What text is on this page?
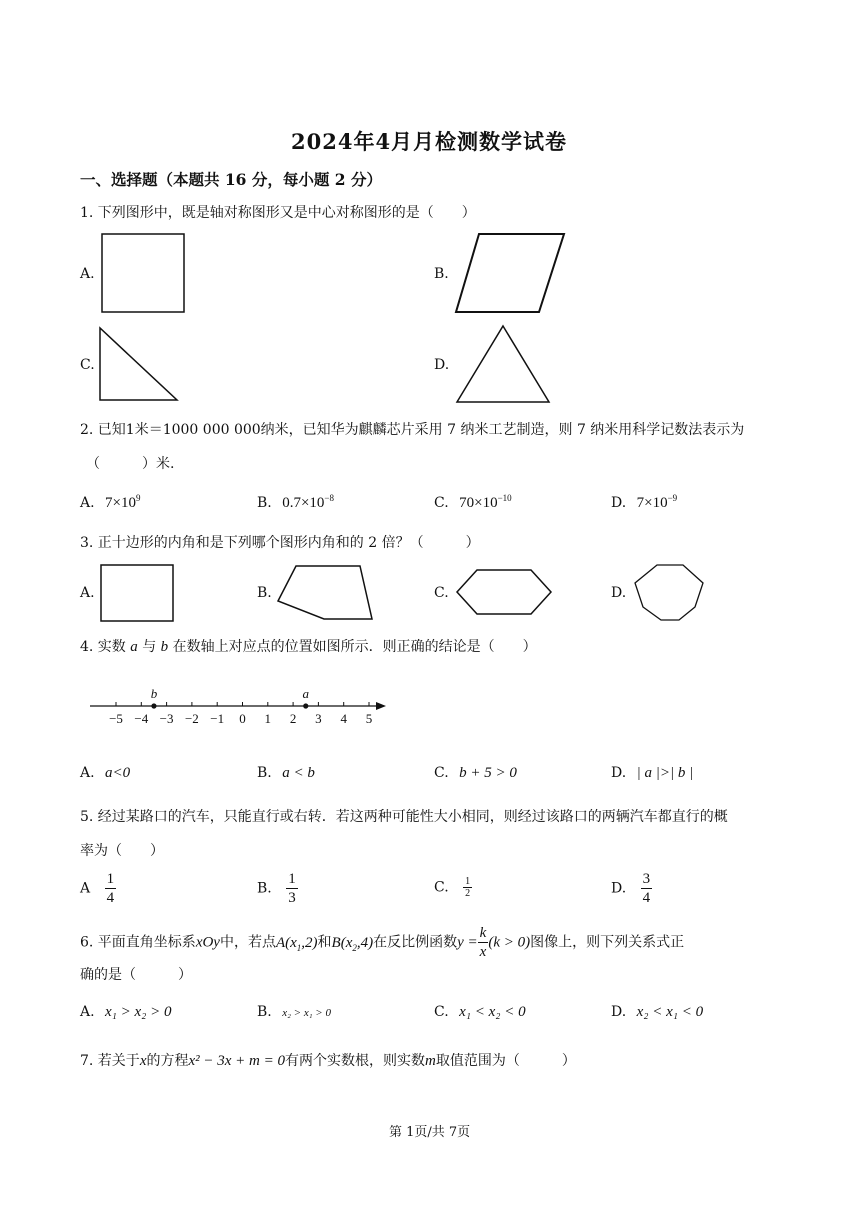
2024年4月月检测数学试卷
一、选择题（本题共 16 分，每小题 2 分）
1. 下列图形中，既是轴对称图形又是中心对称图形的是（　　）
A.	B.
C.	D.
2. 已知1米＝1000 000 000纳米，已知华为麒麟芯片采用 7 纳米工艺制造，则 7 纳米用科学记数法表示为
（　　　）米.
A. $7\times 10^9$	B. $0.7\times 10^{-8}$	C. $70\times 10^{-10}$	D. $7\times 10^{-9}$
3. 正十边形的内角和是下列哪个图形内角和的 2 倍？（　　　）
A.	B.	C.	D.
4. 实数 a 与 b 在数轴上对应点的位置如图所示．则正确的结论是（　　）
−5 −4 −3 −2 −1 0 1 2 3 4 5
b	a
A. a<0	B. a < b	C. b + 5 > 0	D. | a |>| b |
5. 经过某路口的汽车，只能直行或右转．若这两种可能性大小相同，则经过该路口的两辆汽车都直行的概
率为（　　）
A $\frac{1}{4}$	B. $\frac{1}{3}$	C. $\frac{1}{2}$	D. $\frac{3}{4}$
6. 平面直角坐标系xOy中，若点$A(x_1,2)$和$B(x_2,4)$在反比例函数$y = \frac{k}{x} (k > 0)$图像上，则下列关系式正
确的是（　　　）
A. x₁ > x₂ > 0	B. x₂ > x₁ > 0	C. x₁ < x₂ < 0	D. x₂ < x₁ < 0
7. 若关于x的方程x² − 3x + m = 0有两个实数根，则实数m取值范围为（　　　）
第 1页/共 7页
